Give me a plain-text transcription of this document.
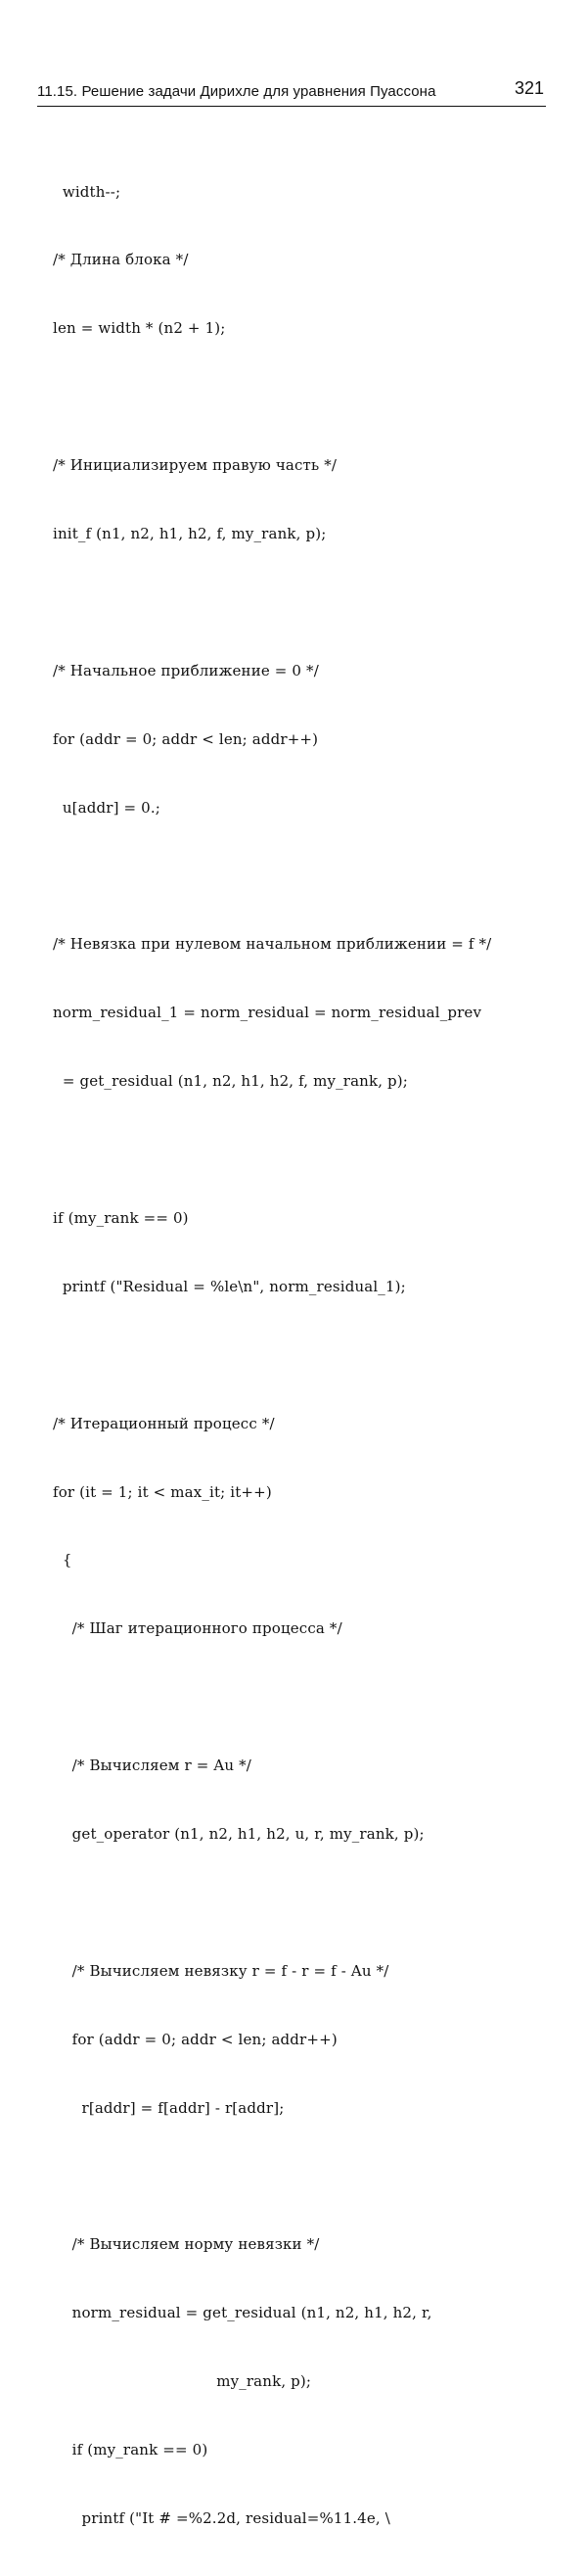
11.15. Решение задачи Дирихле для уравнения Пуассона	321

width--;

/* Длина блока */

len = width * (n2 + 1);

/* Инициализируем правую часть */

init_f (n1, n2, h1, h2, f, my_rank, p);

/* Начальное приближение = 0 */

for (addr = 0; addr < len; addr++)

u[addr] = 0.;

/* Невязка при нулевом начальном приближении = f */

norm_residual_1 = norm_residual = norm_residual_prev

= get_residual (n1, n2, h1, h2, f, my_rank, p);

if (my_rank == 0)

printf ("Residual = %le\n", norm_residual_1);

/* Итерационный процесс */

for (it = 1; it < max_it; it++)

{

/* Шаг итерационного процесса */

/* Вычисляем r = Au */

get_operator (n1, n2, h1, h2, u, r, my_rank, p);

/* Вычисляем невязку r = f - r = f - Au */

for (addr = 0; addr < len; addr++)

r[addr] = f[addr] - r[addr];

/* Вычисляем норму невязки */

norm_residual = get_residual (n1, n2, h1, h2, r,

my_rank, p);

if (my_rank == 0)

printf ("It # =%2.2d, residual=%11.4e, \
